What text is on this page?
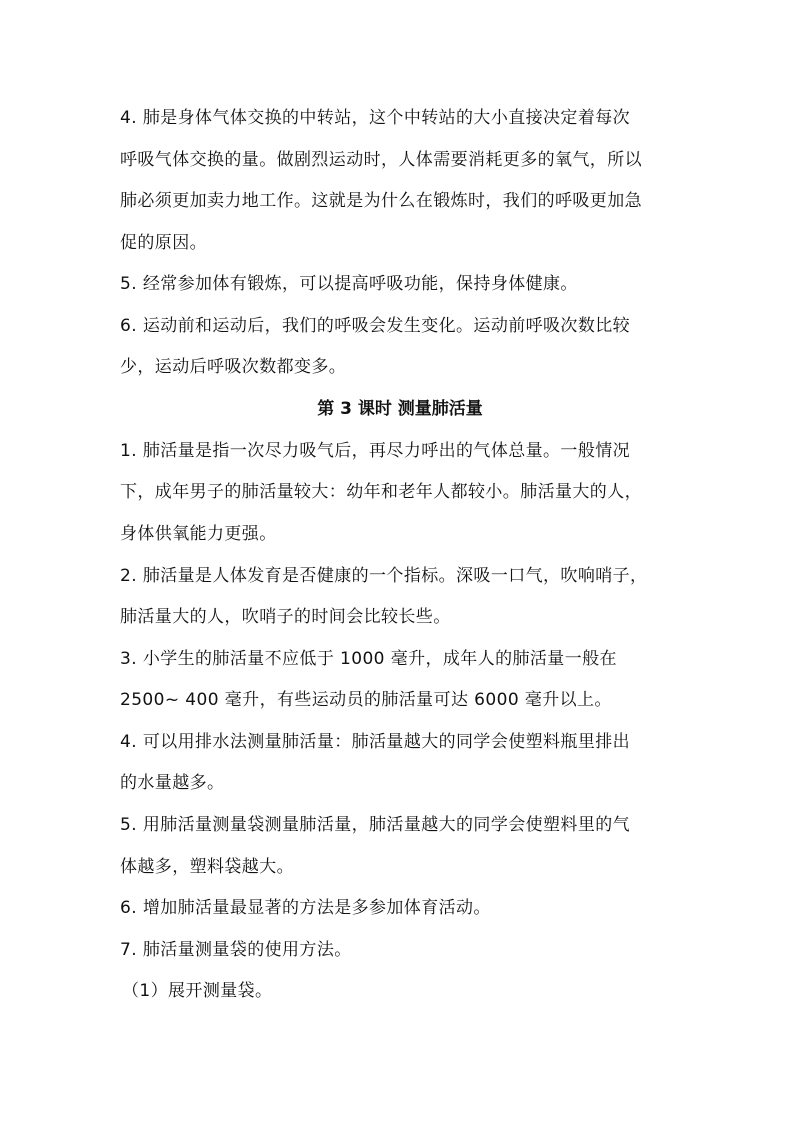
4. 肺是身体气体交换的中转站，这个中转站的大小直接决定着每次
呼吸气体交换的量。做剧烈运动时，人体需要消耗更多的氧气，所以
肺必须更加卖力地工作。这就是为什么在锻炼时，我们的呼吸更加急
促的原因。
5. 经常参加体有锻炼，可以提高呼吸功能，保持身体健康。
6. 运动前和运动后，我们的呼吸会发生变化。运动前呼吸次数比较
少，运动后呼吸次数都变多。
第 3 课时 测量肺活量
1. 肺活量是指一次尽力吸气后，再尽力呼出的气体总量。一般情况
下，成年男子的肺活量较大：幼年和老年人都较小。肺活量大的人，
身体供氧能力更强。
2. 肺活量是人体发育是否健康的一个指标。深吸一口气，吹响哨子，
肺活量大的人，吹哨子的时间会比较长些。
3. 小学生的肺活量不应低于 1000 毫升，成年人的肺活量一般在
2500~ 400 毫升，有些运动员的肺活量可达 6000 毫升以上。
4. 可以用排水法测量肺活量：肺活量越大的同学会使塑料瓶里排出
的水量越多。
5. 用肺活量测量袋测量肺活量，肺活量越大的同学会使塑料里的气
体越多，塑料袋越大。
6. 增加肺活量最显著的方法是多参加体育活动。
7. 肺活量测量袋的使用方法。
（1）展开测量袋。
